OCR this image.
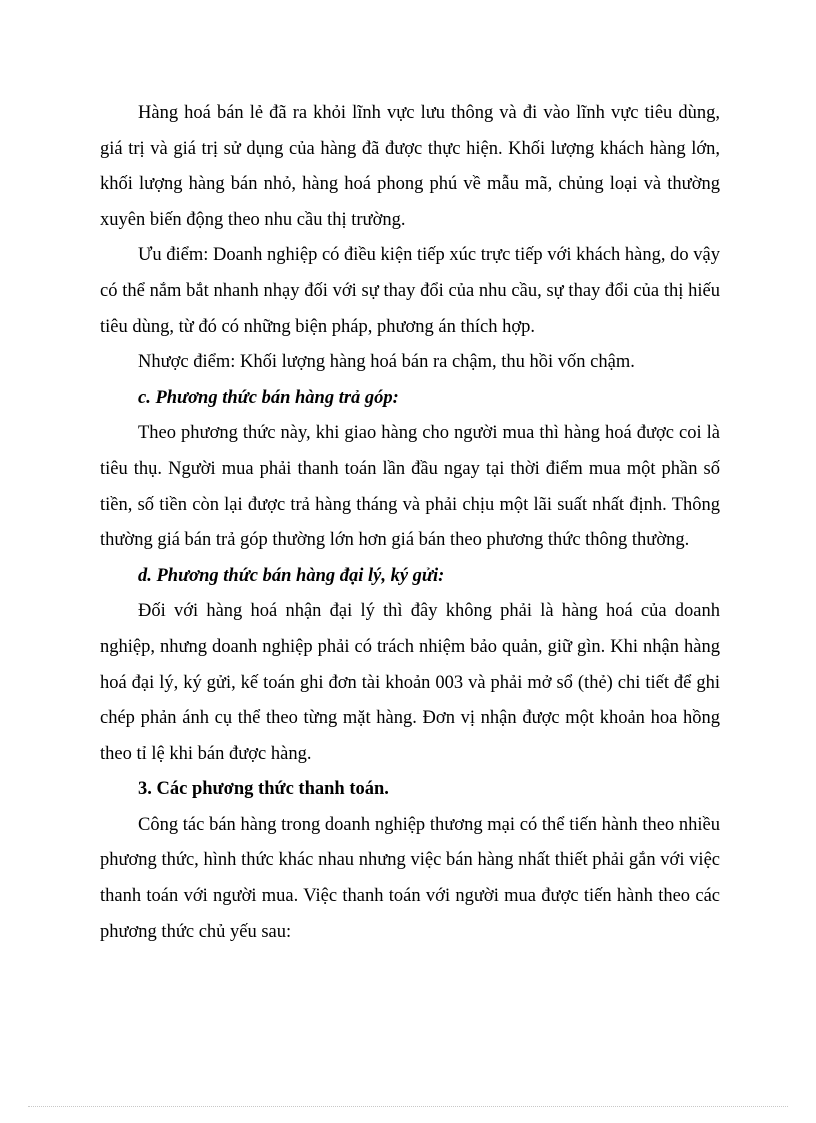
Hàng hoá bán lẻ đã ra khỏi lĩnh vực lưu thông và đi vào lĩnh vực tiêu dùng, giá trị và giá trị sử dụng của hàng đã được thực hiện. Khối lượng khách hàng lớn, khối lượng hàng bán nhỏ, hàng hoá phong phú về mẫu mã, chủng loại và thường xuyên biến động theo nhu cầu thị trường.

Ưu điểm: Doanh nghiệp có điều kiện tiếp xúc trực tiếp với khách hàng, do vậy có thể nắm bắt nhanh nhạy đối với sự thay đổi của nhu cầu, sự thay đổi của thị hiếu tiêu dùng, từ đó có những biện pháp, phương án thích hợp.

Nhược điểm: Khối lượng hàng hoá bán ra chậm, thu hồi vốn chậm.

c. Phương thức bán hàng trả góp:

Theo phương thức này, khi giao hàng cho người mua thì hàng hoá được coi là tiêu thụ. Người mua phải thanh toán lần đầu ngay tại thời điểm mua một phần số tiền, số tiền còn lại được trả hàng tháng và phải chịu một lãi suất nhất định. Thông thường giá bán trả góp thường lớn hơn giá bán theo phương thức thông thường.

d. Phương thức bán hàng đại lý, ký gửi:

Đối với hàng hoá nhận đại lý thì đây không phải là hàng hoá của doanh nghiệp, nhưng doanh nghiệp phải có trách nhiệm bảo quản, giữ gìn. Khi nhận hàng hoá đại lý, ký gửi, kế toán ghi đơn tài khoản 003 và phải mở sổ (thẻ) chi tiết để ghi chép phản ánh cụ thể theo từng mặt hàng. Đơn vị nhận được một khoản hoa hồng theo tỉ lệ khi bán được hàng.

3. Các phương thức thanh toán.

Công tác bán hàng trong doanh nghiệp thương mại có thể tiến hành theo nhiều phương thức, hình thức khác nhau nhưng việc bán hàng nhất thiết phải gắn với việc thanh toán với người mua. Việc thanh toán với người mua được tiến hành theo các phương thức chủ yếu sau:
